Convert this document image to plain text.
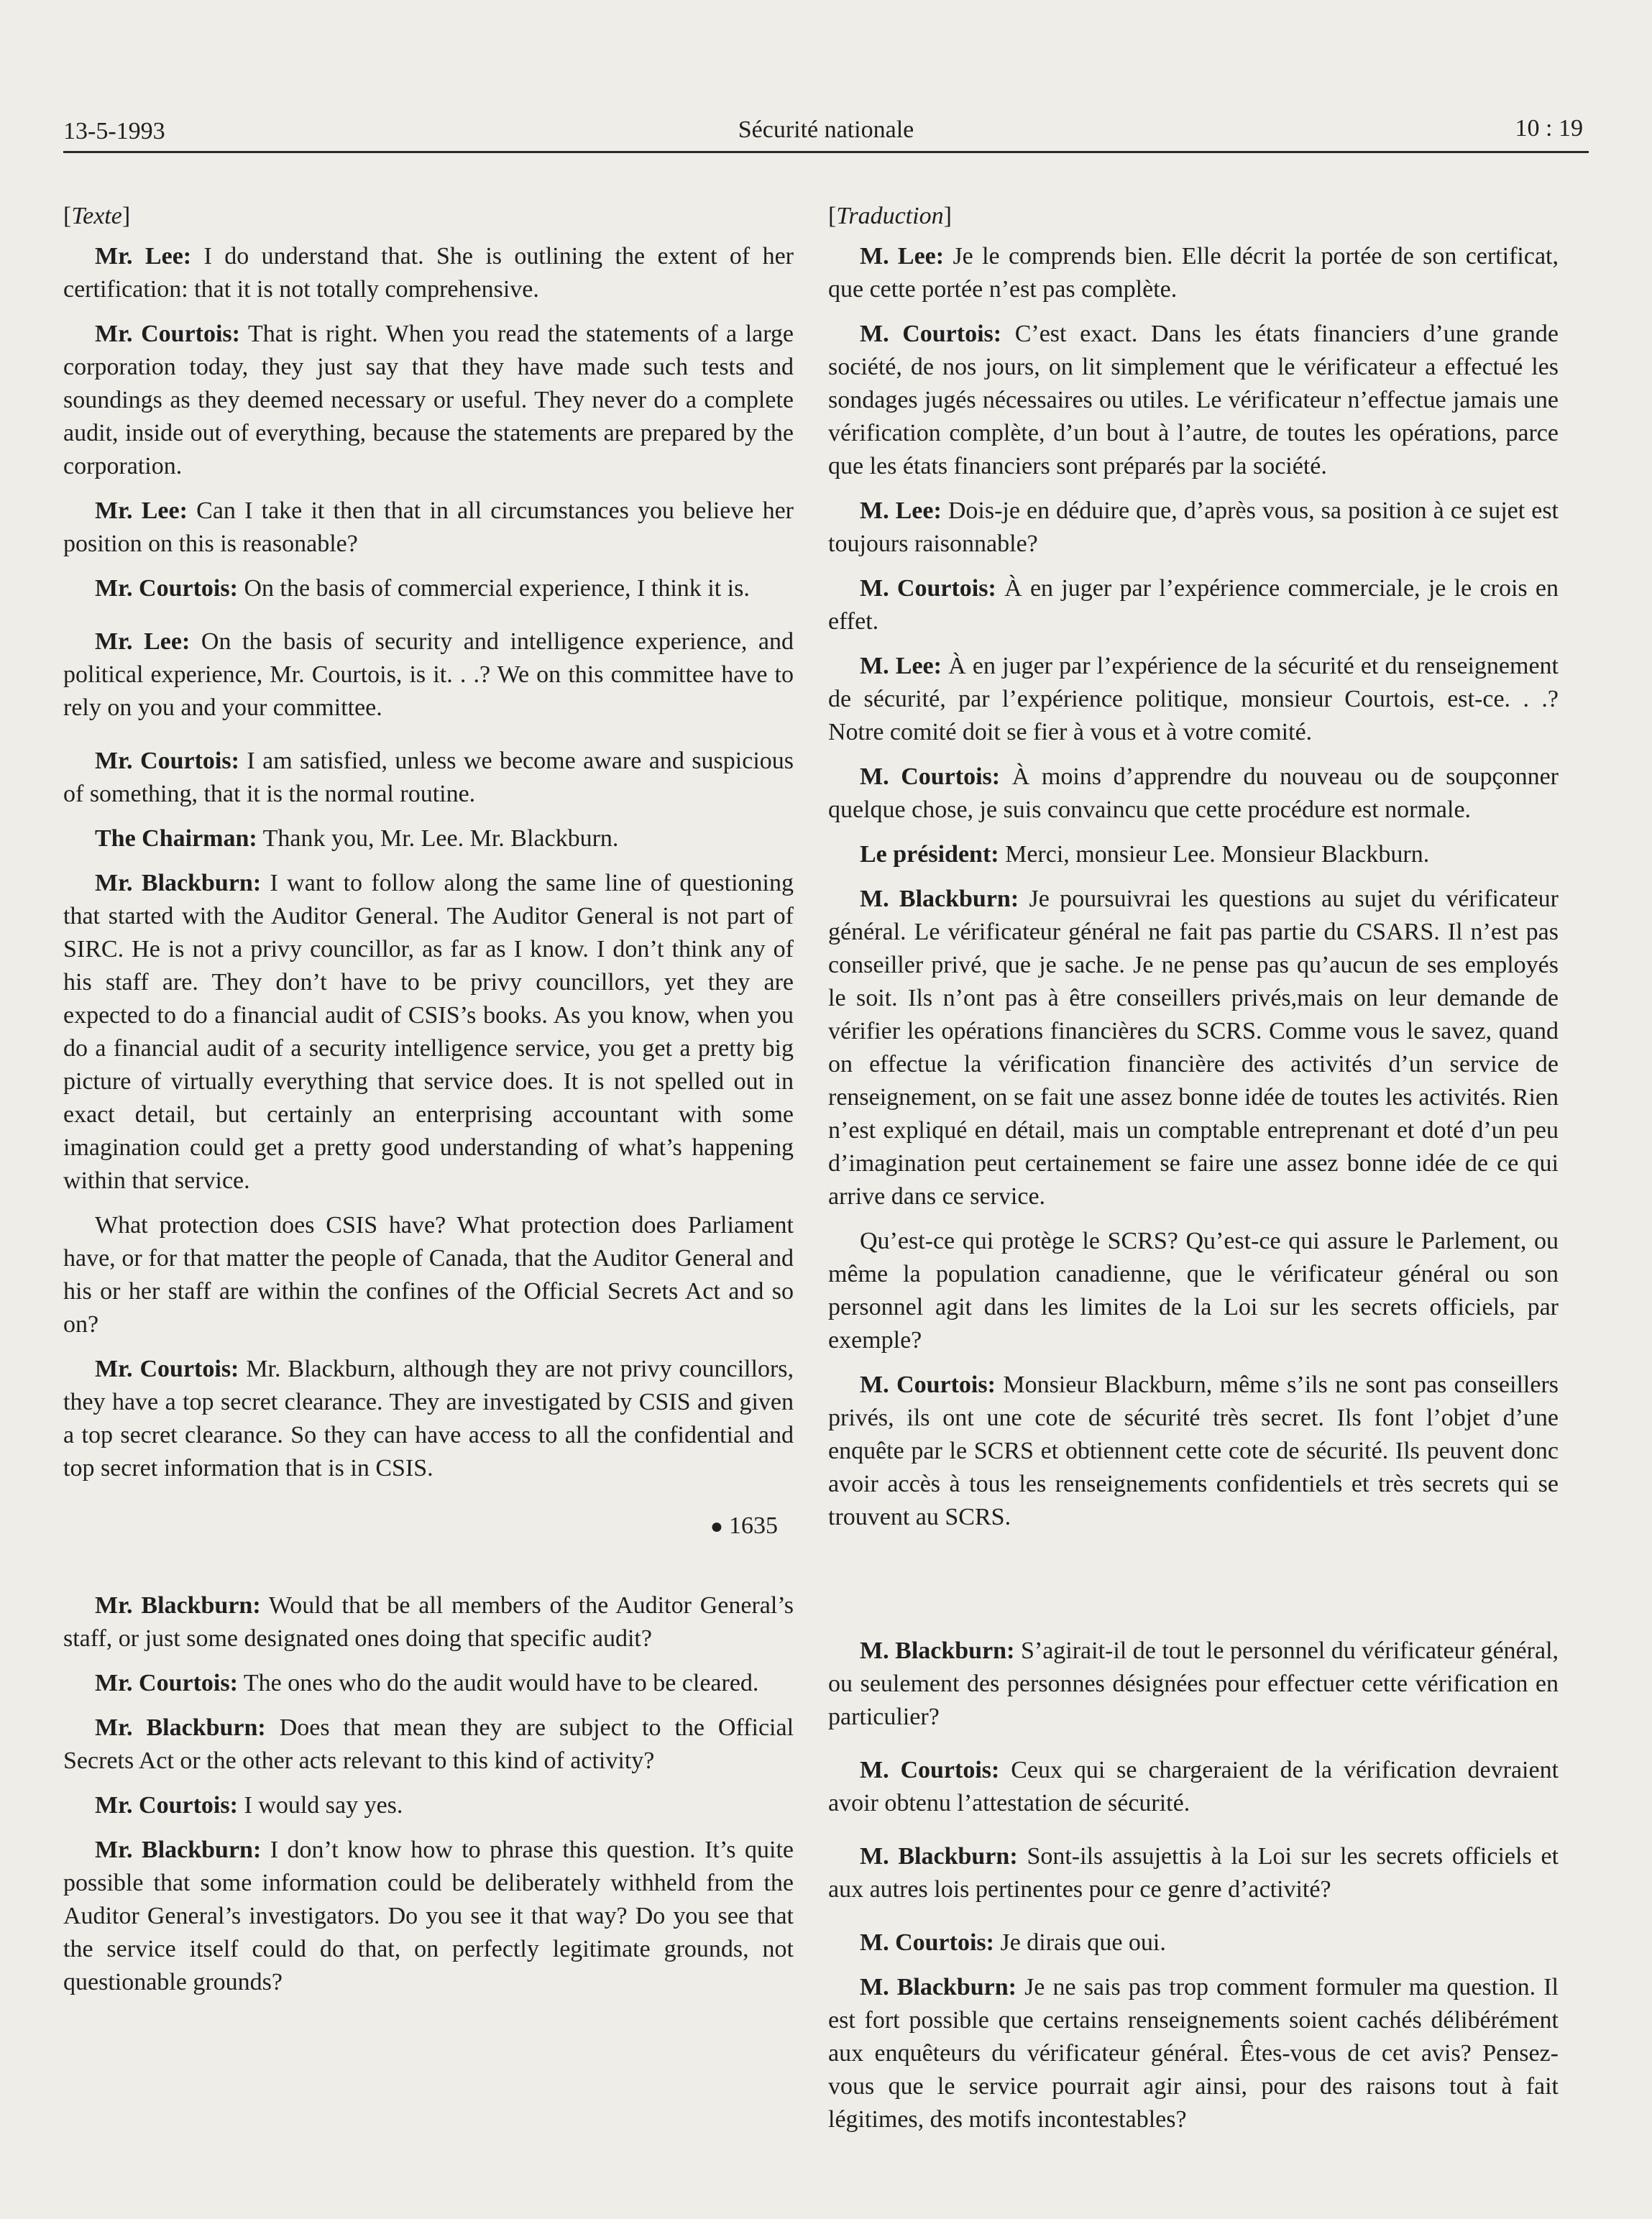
13-5-1993	Sécurité nationale	10 : 19

[Texte]

Mr. Lee: I do understand that. She is outlining the extent of her certification: that it is not totally comprehensive.

Mr. Courtois: That is right. When you read the statements of a large corporation today, they just say that they have made such tests and soundings as they deemed necessary or useful. They never do a complete audit, inside out of everything, because the statements are prepared by the corporation.

Mr. Lee: Can I take it then that in all circumstances you believe her position on this is reasonable?

Mr. Courtois: On the basis of commercial experience, I think it is.

Mr. Lee: On the basis of security and intelligence experience, and political experience, Mr. Courtois, is it. . .? We on this committee have to rely on you and your committee.

Mr. Courtois: I am satisfied, unless we become aware and suspicious of something, that it is the normal routine.

The Chairman: Thank you, Mr. Lee. Mr. Blackburn.

Mr. Blackburn: I want to follow along the same line of questioning that started with the Auditor General. The Auditor General is not part of SIRC. He is not a privy councillor, as far as I know. I don’t think any of his staff are. They don’t have to be privy councillors, yet they are expected to do a financial audit of CSIS’s books. As you know, when you do a financial audit of a security intelligence service, you get a pretty big picture of virtually everything that service does. It is not spelled out in exact detail, but certainly an enterprising accountant with some imagination could get a pretty good understanding of what’s happening within that service.

What protection does CSIS have? What protection does Parliament have, or for that matter the people of Canada, that the Auditor General and his or her staff are within the confines of the Official Secrets Act and so on?

Mr. Courtois: Mr. Blackburn, although they are not privy councillors, they have a top secret clearance. They are investigated by CSIS and given a top secret clearance. So they can have access to all the confidential and top secret information that is in CSIS.

● 1635

Mr. Blackburn: Would that be all members of the Auditor General’s staff, or just some designated ones doing that specific audit?

Mr. Courtois: The ones who do the audit would have to be cleared.

Mr. Blackburn: Does that mean they are subject to the Official Secrets Act or the other acts relevant to this kind of activity?

Mr. Courtois: I would say yes.

Mr. Blackburn: I don’t know how to phrase this question. It’s quite possible that some information could be deliberately withheld from the Auditor General’s investigators. Do you see it that way? Do you see that the service itself could do that, on perfectly legitimate grounds, not questionable grounds?

[Traduction]

M. Lee: Je le comprends bien. Elle décrit la portée de son certificat, que cette portée n’est pas complète.

M. Courtois: C’est exact. Dans les états financiers d’une grande société, de nos jours, on lit simplement que le vérificateur a effectué les sondages jugés nécessaires ou utiles. Le vérificateur n’effectue jamais une vérification complète, d’un bout à l’autre, de toutes les opérations, parce que les états financiers sont préparés par la société.

M. Lee: Dois-je en déduire que, d’après vous, sa position à ce sujet est toujours raisonnable?

M. Courtois: À en juger par l’expérience commerciale, je le crois en effet.

M. Lee: À en juger par l’expérience de la sécurité et du renseignement de sécurité, par l’expérience politique, monsieur Courtois, est-ce. . .? Notre comité doit se fier à vous et à votre comité.

M. Courtois: À moins d’apprendre du nouveau ou de soupçonner quelque chose, je suis convaincu que cette procédure est normale.

Le président: Merci, monsieur Lee. Monsieur Blackburn.

M. Blackburn: Je poursuivrai les questions au sujet du vérificateur général. Le vérificateur général ne fait pas partie du CSARS. Il n’est pas conseiller privé, que je sache. Je ne pense pas qu’aucun de ses employés le soit. Ils n’ont pas à être conseillers privés,mais on leur demande de vérifier les opérations financières du SCRS. Comme vous le savez, quand on effectue la vérification financière des activités d’un service de renseignement, on se fait une assez bonne idée de toutes les activités. Rien n’est expliqué en détail, mais un comptable entreprenant et doté d’un peu d’imagination peut certainement se faire une assez bonne idée de ce qui arrive dans ce service.

Qu’est-ce qui protège le SCRS? Qu’est-ce qui assure le Parlement, ou même la population canadienne, que le vérificateur général ou son personnel agit dans les limites de la Loi sur les secrets officiels, par exemple?

M. Courtois: Monsieur Blackburn, même s’ils ne sont pas conseillers privés, ils ont une cote de sécurité très secret. Ils font l’objet d’une enquête par le SCRS et obtiennent cette cote de sécurité. Ils peuvent donc avoir accès à tous les renseignements confidentiels et très secrets qui se trouvent au SCRS.

M. Blackburn: S’agirait-il de tout le personnel du vérificateur général, ou seulement des personnes désignées pour effectuer cette vérification en particulier?

M. Courtois: Ceux qui se chargeraient de la vérification devraient avoir obtenu l’attestation de sécurité.

M. Blackburn: Sont-ils assujettis à la Loi sur les secrets officiels et aux autres lois pertinentes pour ce genre d’activité?

M. Courtois: Je dirais que oui.

M. Blackburn: Je ne sais pas trop comment formuler ma question. Il est fort possible que certains renseignements soient cachés délibérément aux enquêteurs du vérificateur général. Êtes-vous de cet avis? Pensez-vous que le service pourrait agir ainsi, pour des raisons tout à fait légitimes, des motifs incontestables?
